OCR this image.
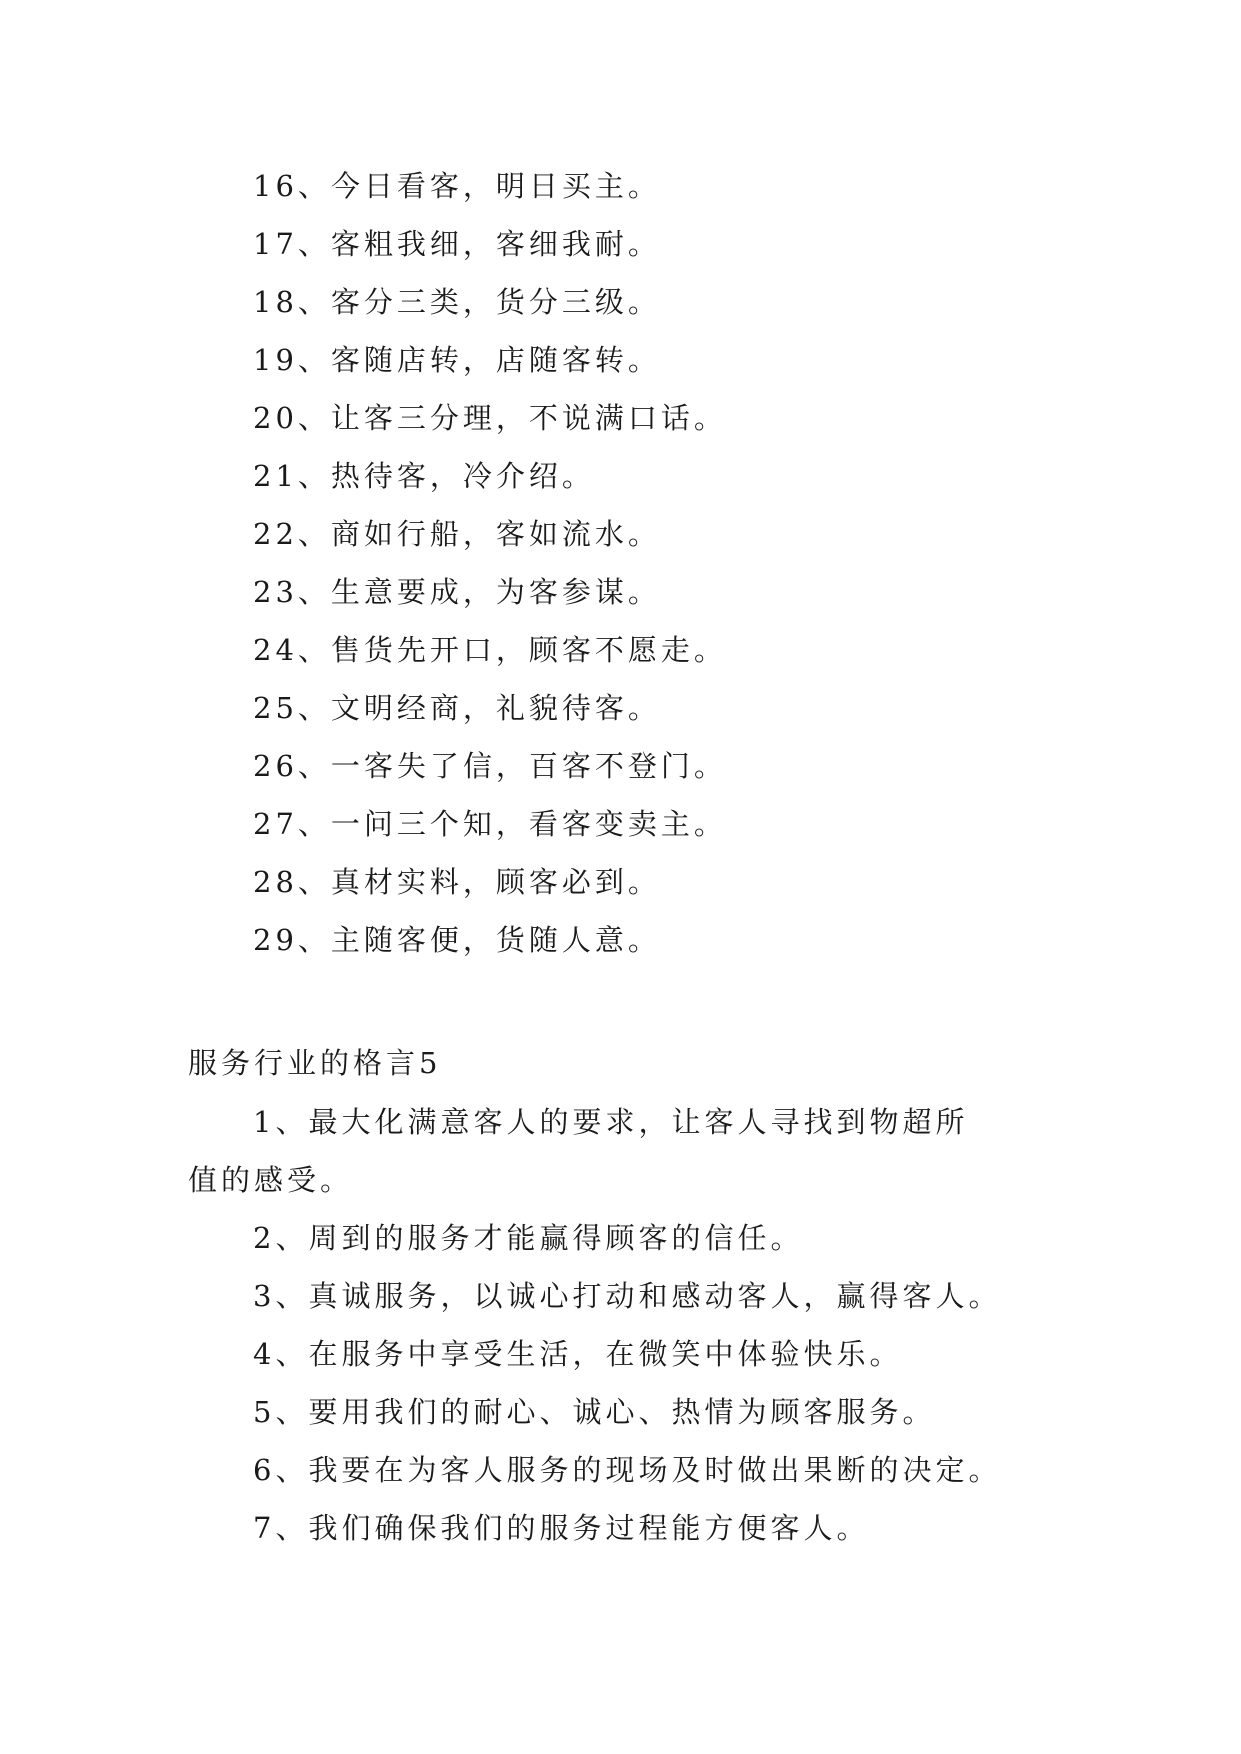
16、今日看客，明日买主。
17、客粗我细，客细我耐。
18、客分三类，货分三级。
19、客随店转，店随客转。
20、让客三分理，不说满口话。
21、热待客，冷介绍。
22、商如行船，客如流水。
23、生意要成，为客参谋。
24、售货先开口，顾客不愿走。
25、文明经商，礼貌待客。
26、一客失了信，百客不登门。
27、一问三个知，看客变卖主。
28、真材实料，顾客必到。
29、主随客便，货随人意。
服务行业的格言5
1、最大化满意客人的要求，让客人寻找到物超所值的感受。
2、周到的服务才能赢得顾客的信任。
3、真诚服务，以诚心打动和感动客人，赢得客人。
4、在服务中享受生活，在微笑中体验快乐。
5、要用我们的耐心、诚心、热情为顾客服务。
6、我要在为客人服务的现场及时做出果断的决定。
7、我们确保我们的服务过程能方便客人。
